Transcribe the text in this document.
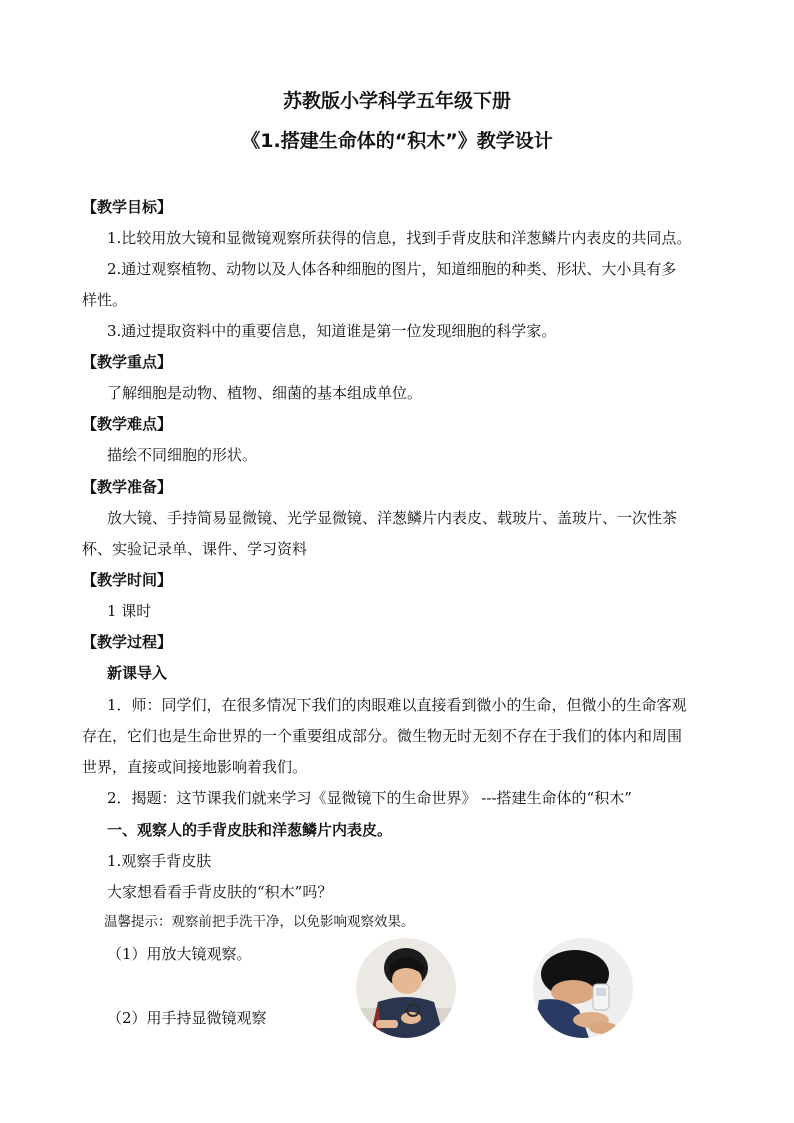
苏教版小学科学五年级下册
《1.搭建生命体的“积木”》教学设计
【教学目标】
1.比较用放大镜和显微镜观察所获得的信息，找到手背皮肤和洋葱鳞片内表皮的共同点。
2.通过观察植物、动物以及人体各种细胞的图片，知道细胞的种类、形状、大小具有多
样性。
3.通过提取资料中的重要信息，知道谁是第一位发现细胞的科学家。
【教学重点】
了解细胞是动物、植物、细菌的基本组成单位。
【教学难点】
描绘不同细胞的形状。
【教学准备】
放大镜、手持简易显微镜、光学显微镜、洋葱鳞片内表皮、载玻片、盖玻片、一次性茶
杯、实验记录单、课件、学习资料
【教学时间】
1 课时
【教学过程】
新课导入
1．师：同学们，在很多情况下我们的肉眼难以直接看到微小的生命，但微小的生命客观
存在，它们也是生命世界的一个重要组成部分。微生物无时无刻不存在于我们的体内和周围
世界，直接或间接地影响着我们。
2．揭题：这节课我们就来学习《显微镜下的生命世界》 ---搭建生命体的“积木”
一、观察人的手背皮肤和洋葱鳞片内表皮。
1.观察手背皮肤
大家想看看手背皮肤的“积木”吗？
温馨提示：观察前把手洗干净，以免影响观察效果。
（1）用放大镜观察。
（2）用手持显微镜观察
